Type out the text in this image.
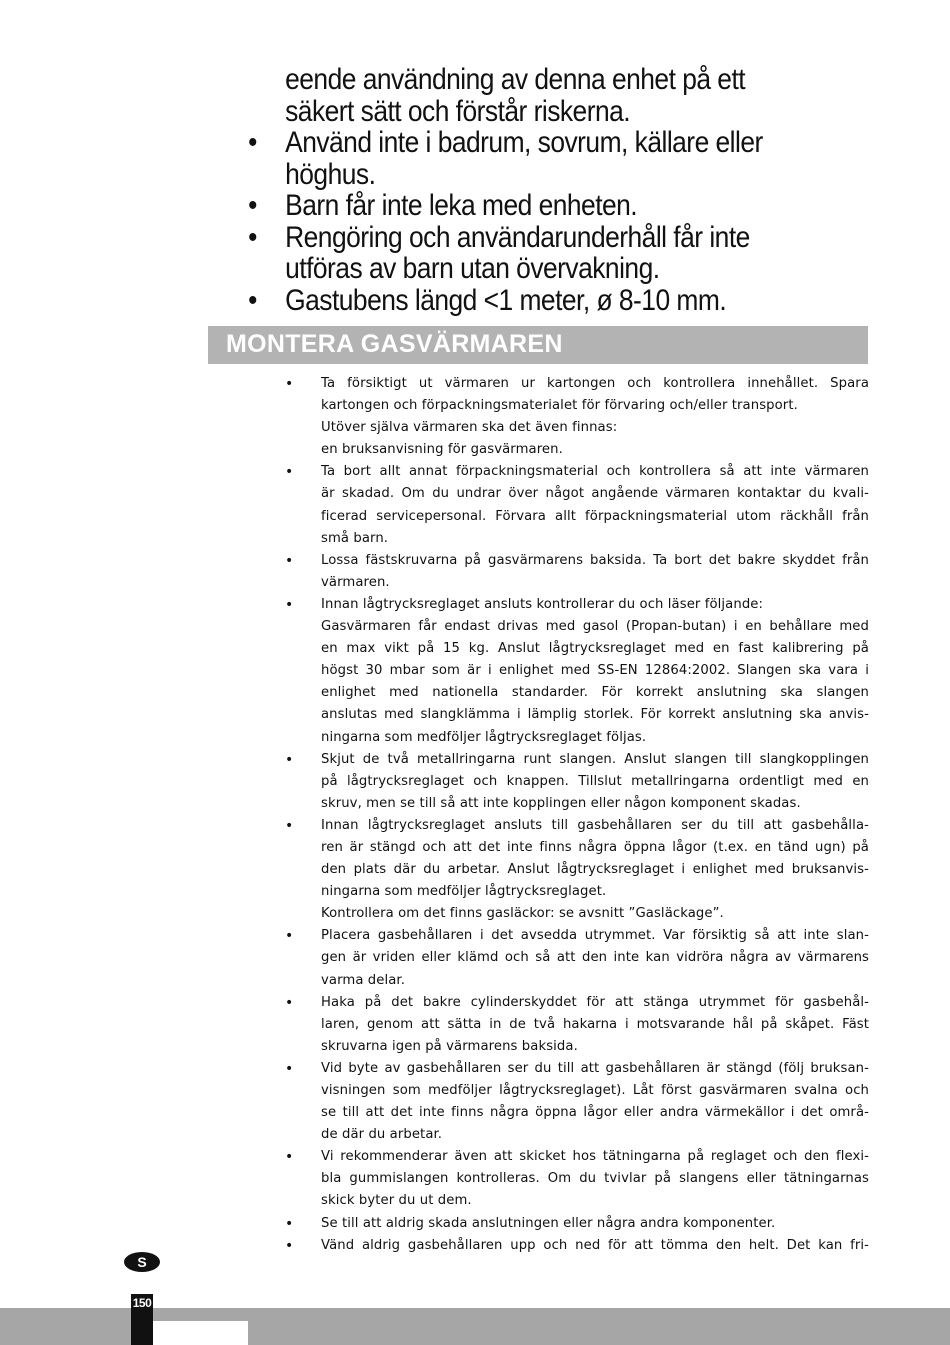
eende användning av denna enhet på ett
säkert sätt och förstår riskerna.
• Använd inte i badrum, sovrum, källare eller
höghus.
• Barn får inte leka med enheten.
• Rengöring och användarunderhåll får inte
utföras av barn utan övervakning.
• Gastubens längd <1 meter, ø 8-10 mm.
MONTERA GASVÄRMAREN
• Ta försiktigt ut värmaren ur kartongen och kontrollera innehållet. Spara
kartongen och förpackningsmaterialet för förvaring och/eller transport.
Utöver själva värmaren ska det även finnas:
en bruksanvisning för gasvärmaren.
• Ta bort allt annat förpackningsmaterial och kontrollera så att inte värmaren
är skadad. Om du undrar över något angående värmaren kontaktar du kvali-
ficerad servicepersonal. Förvara allt förpackningsmaterial utom räckhåll från
små barn.
• Lossa fästskruvarna på gasvärmarens baksida. Ta bort det bakre skyddet från
värmaren.
• Innan lågtrycksreglaget ansluts kontrollerar du och läser följande:
Gasvärmaren får endast drivas med gasol (Propan-butan) i en behållare med
en max vikt på 15 kg. Anslut lågtrycksreglaget med en fast kalibrering på
högst 30 mbar som är i enlighet med SS-EN 12864:2002. Slangen ska vara i
enlighet med nationella standarder. För korrekt anslutning ska slangen
anslutas med slangklämma i lämplig storlek. För korrekt anslutning ska anvis-
ningarna som medföljer lågtrycksreglaget följas.
• Skjut de två metallringarna runt slangen. Anslut slangen till slangkopplingen
på lågtrycksreglaget och knappen. Tillslut metallringarna ordentligt med en
skruv, men se till så att inte kopplingen eller någon komponent skadas.
• Innan lågtrycksreglaget ansluts till gasbehållaren ser du till att gasbehålla-
ren är stängd och att det inte finns några öppna lågor (t.ex. en tänd ugn) på
den plats där du arbetar. Anslut lågtrycksreglaget i enlighet med bruksanvis-
ningarna som medföljer lågtrycksreglaget.
Kontrollera om det finns gasläckor: se avsnitt ”Gasläckage”.
• Placera gasbehållaren i det avsedda utrymmet. Var försiktig så att inte slan-
gen är vriden eller klämd och så att den inte kan vidröra några av värmarens
varma delar.
• Haka på det bakre cylinderskyddet för att stänga utrymmet för gasbehål-
laren, genom att sätta in de två hakarna i motsvarande hål på skåpet. Fäst
skruvarna igen på värmarens baksida.
• Vid byte av gasbehållaren ser du till att gasbehållaren är stängd (följ bruksan-
visningen som medföljer lågtrycksreglaget). Låt först gasvärmaren svalna och
se till att det inte finns några öppna lågor eller andra värmekällor i det områ-
de där du arbetar.
• Vi rekommenderar även att skicket hos tätningarna på reglaget och den flexi-
bla gummislangen kontrolleras. Om du tvivlar på slangens eller tätningarnas
skick byter du ut dem.
• Se till att aldrig skada anslutningen eller några andra komponenter.
• Vänd aldrig gasbehållaren upp och ned för att tömma den helt. Det kan fri-
S
150
